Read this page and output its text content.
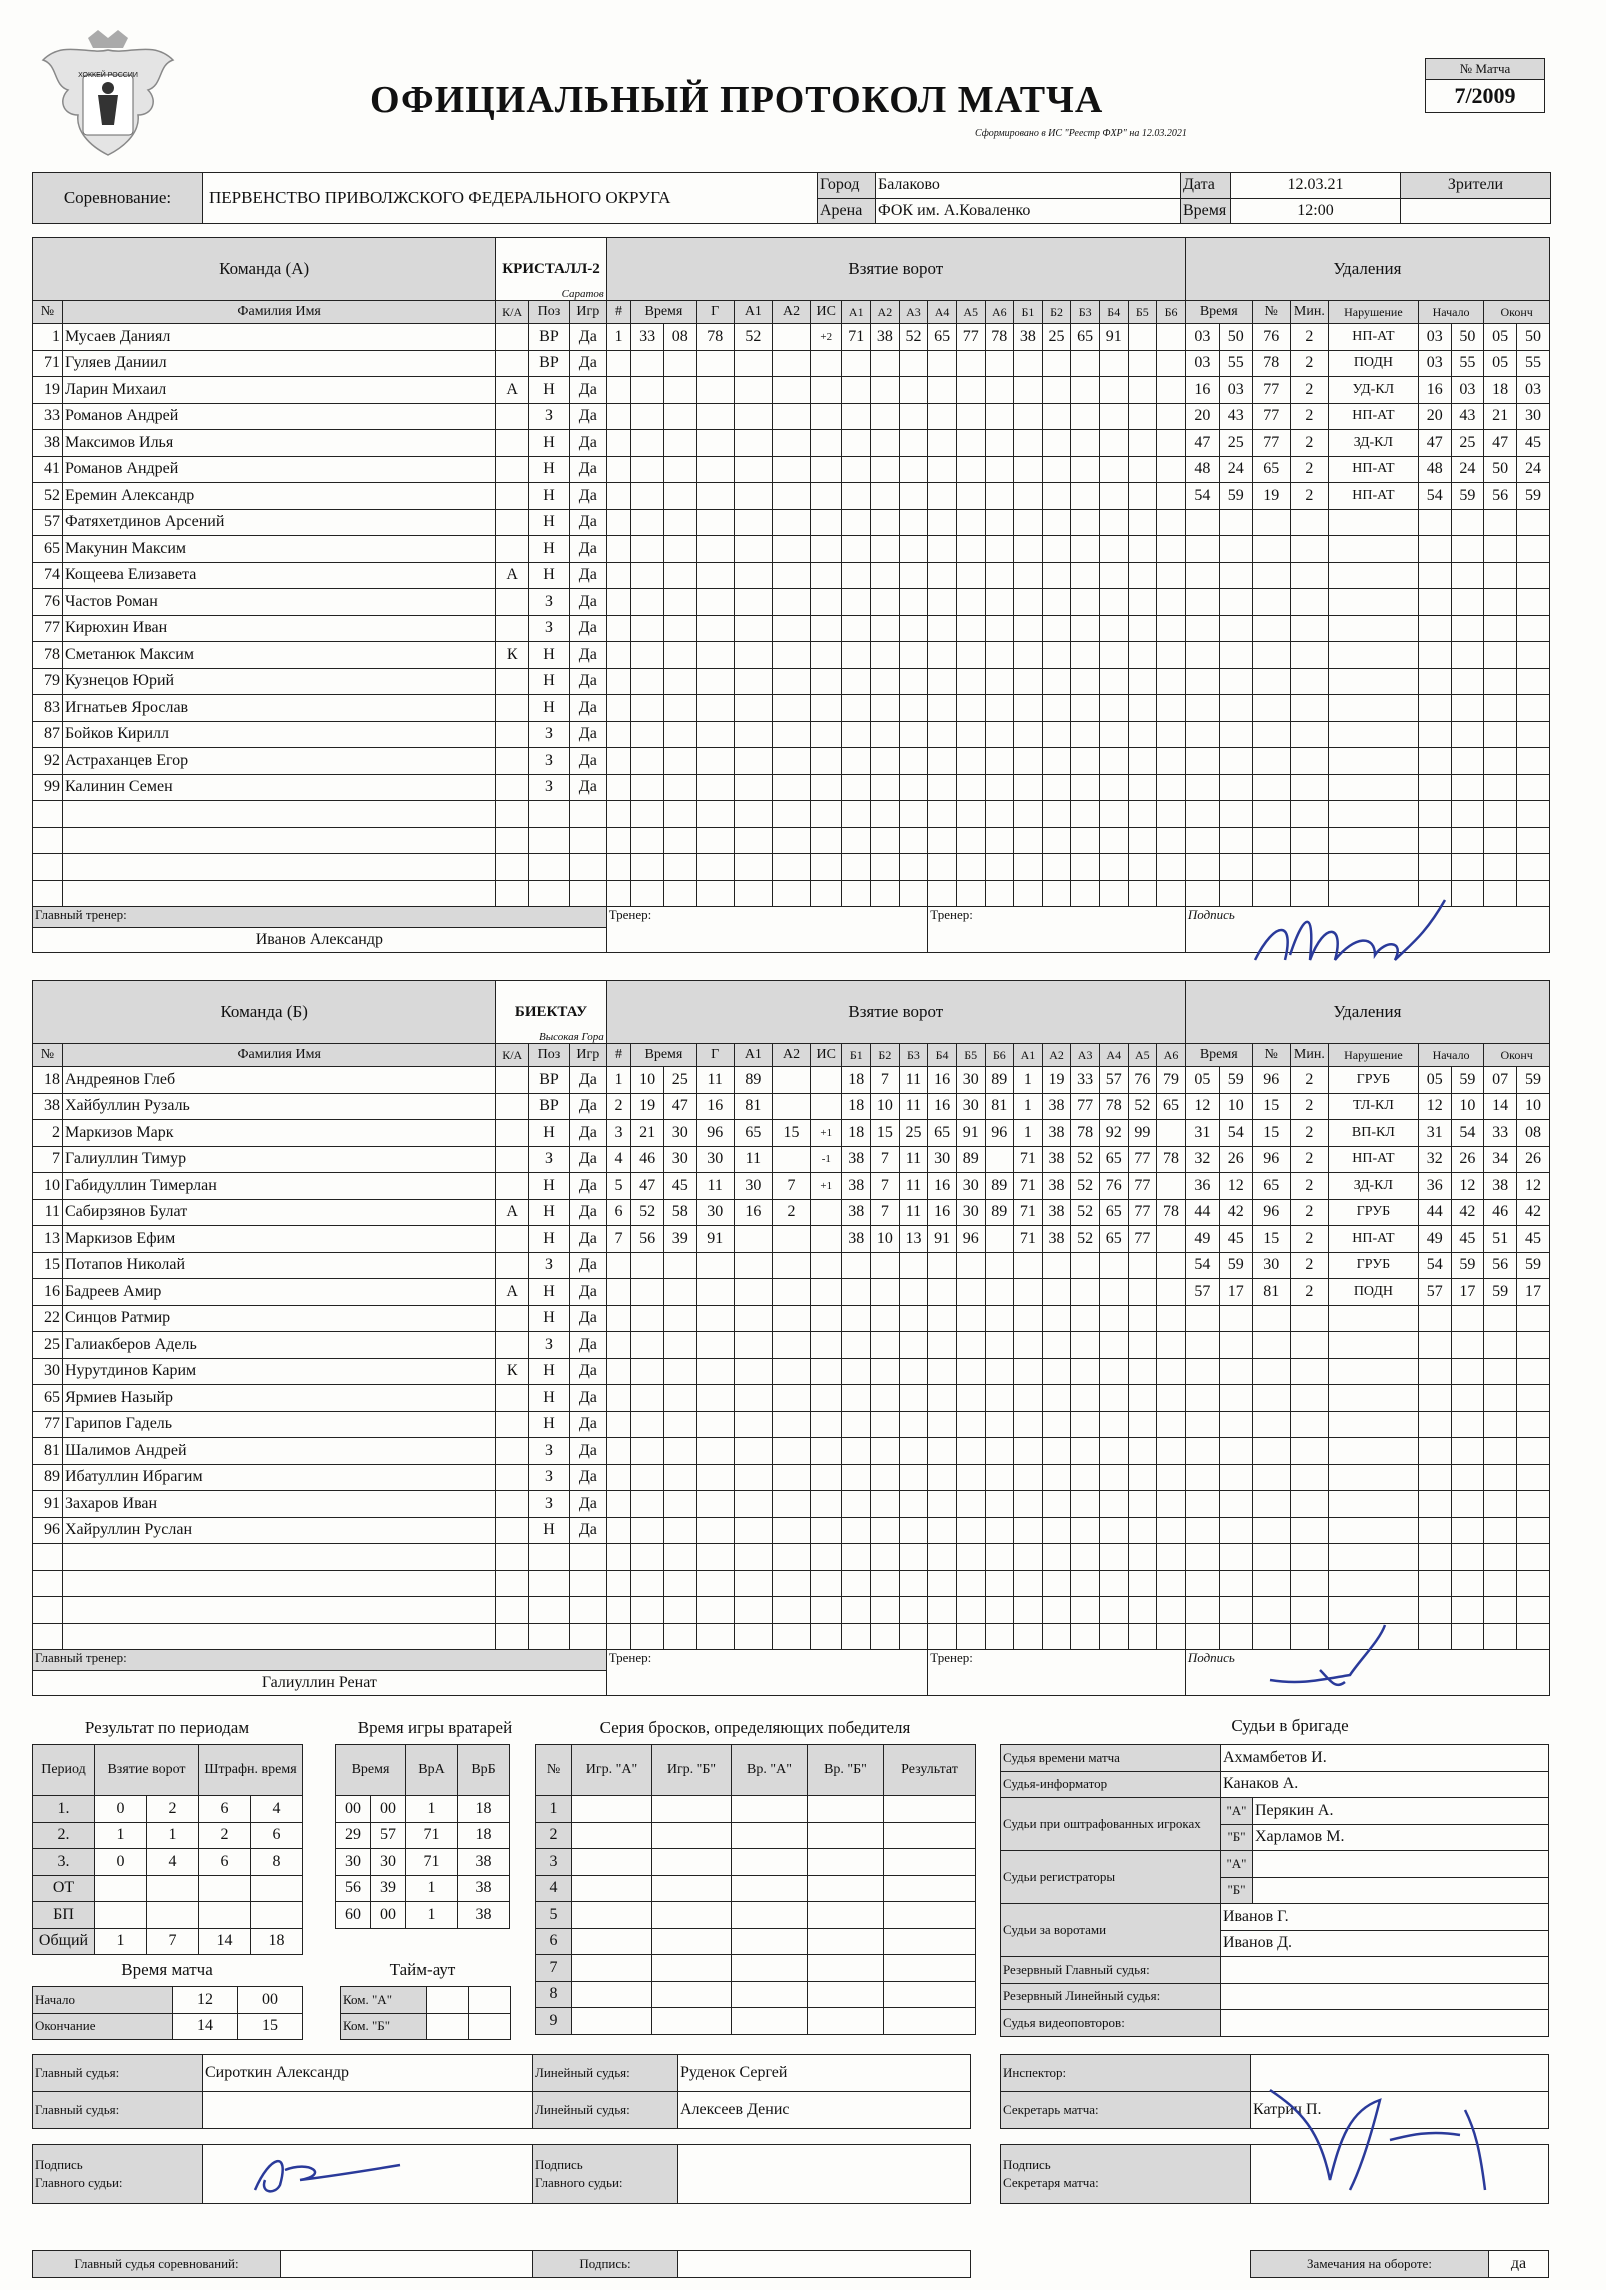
ХОККЕЙ РОССИИ
ОФИЦИАЛЬНЫЙ ПРОТОКОЛ МАТЧА
Сформировано в ИС "Реестр ФХР" на 12.03.2021
№ Матча
7/2009
Соревнование:	ПЕРВЕНСТВО ПРИВОЛЖСКОГО ФЕДЕРАЛЬНОГО ОКРУГА	Город	Балаково	Дата	12.03.21	Зрители
		Арена	ФОК им. А.Коваленко	Время	12:00	
Команда (А)		КРИСТАЛЛ-2
Саратов			Взятие ворот																			Удаления								
№	Фамилия Имя	К/А	Поз	Игр	#	Время		Г	А1	А2	ИС	А1	А2	А3	А4	А5	А6	Б1	Б2	Б3	Б4	Б5	Б6	Время		№	Мин.	Нарушение	Начало		Оконч	
1	Мусаев Даниял		ВР	Да	1	33	08	78	52		+2	71	38	52	65	77	78	38	25	65	91			03	50	76	2	НП-АТ	03	50	05	50
71	Гуляев Даниил		ВР	Да																				03	55	78	2	ПОДН	03	55	05	55
19	Ларин Михаил	А	Н	Да																				16	03	77	2	УД-КЛ	16	03	18	03
33	Романов Андрей		З	Да																				20	43	77	2	НП-АТ	20	43	21	30
38	Максимов Илья		Н	Да																				47	25	77	2	ЗД-КЛ	47	25	47	45
41	Романов Андрей		Н	Да																				48	24	65	2	НП-АТ	48	24	50	24
52	Еремин Александр		Н	Да																				54	59	19	2	НП-АТ	54	59	56	59
57	Фатяхетдинов Арсений		Н	Да																												
65	Макунин Максим		Н	Да																												
74	Кощеева Елизавета	А	Н	Да																												
76	Частов Роман		З	Да																												
77	Кирюхин Иван		З	Да																												
78	Сметанюк Максим	К	Н	Да																												
79	Кузнецов Юрий		Н	Да																												
83	Игнатьев Ярослав		Н	Да																												
87	Бойков Кирилл		З	Да																												
92	Астраханцев Егор		З	Да																												
99	Калинин Семен		З	Да																												

Главный тренер:					Тренер:										Тренер:									Подпись								
Иванов Александр																																
Команда (Б)		БИЕКТАУ
Высокая Гора			Взятие ворот																			Удаления								
№	Фамилия Имя	К/А	Поз	Игр	#	Время		Г	А1	А2	ИС	Б1	Б2	Б3	Б4	Б5	Б6	А1	А2	А3	А4	А5	А6	Время		№	Мин.	Нарушение	Начало		Оконч	
18	Андреянов Глеб		ВР	Да	1	10	25	11	89			18	7	11	16	30	89	1	19	33	57	76	79	05	59	96	2	ГРУБ	05	59	07	59
38	Хайбуллин Рузаль		ВР	Да	2	19	47	16	81			18	10	11	16	30	81	1	38	77	78	52	65	12	10	15	2	ТЛ-КЛ	12	10	14	10
2	Маркизов Марк		Н	Да	3	21	30	96	65	15	+1	18	15	25	65	91	96	1	38	78	92	99		31	54	15	2	ВП-КЛ	31	54	33	08
7	Галиуллин Тимур		З	Да	4	46	30	30	11		-1	38	7	11	30	89		71	38	52	65	77	78	32	26	96	2	НП-АТ	32	26	34	26
10	Габидуллин Тимерлан		Н	Да	5	47	45	11	30	7	+1	38	7	11	16	30	89	71	38	52	76	77		36	12	65	2	ЗД-КЛ	36	12	38	12
11	Сабирзянов Булат	А	Н	Да	6	52	58	30	16	2		38	7	11	16	30	89	71	38	52	65	77	78	44	42	96	2	ГРУБ	44	42	46	42
13	Маркизов Ефим		Н	Да	7	56	39	91				38	10	13	91	96		71	38	52	65	77		49	45	15	2	НП-АТ	49	45	51	45
15	Потапов Николай		З	Да																				54	59	30	2	ГРУБ	54	59	56	59
16	Бадреев Амир	А	Н	Да																				57	17	81	2	ПОДН	57	17	59	17
22	Синцов Ратмир		Н	Да																												
25	Галиакберов Адель		З	Да																												
30	Нурутдинов Карим	К	Н	Да																												
65	Ярмиев Назыйр		Н	Да																												
77	Гарипов Гадель		Н	Да																												
81	Шалимов Андрей		З	Да																												
89	Ибатуллин Ибрагим		З	Да																												
91	Захаров Иван		З	Да																												
96	Хайруллин Руслан		Н	Да																												

Главный тренер:					Тренер:										Тренер:									Подпись								
Галиуллин Ренат																																
Результат по периодам
Период	Взятие ворот		Штрафн. время	
1.	0	2	6	4
2.	1	1	2	6
3.	0	4	6	8
ОТ				
БП				
Общий	1	7	14	18
Время игры вратарей
Время		ВрА	ВрБ
00	00	1	18
29	57	71	18
30	30	71	38
56	39	1	38
60	00	1	38
Время матча
Начало	12	00
Окончание	14	15
Тайм-аут
Ком. "А"		
Ком. "Б"		
Серия бросков, определяющих победителя
№	Игр. "А"	Игр. "Б"	Вр. "А"	Вр. "Б"	Результат
1					
2					
3					
4					
5					
6					
7					
8					
9					
Судьи в бригаде
Судья времени матча	Ахмамбетов И.	
Судья-информатор	Канаков А.	
Судьи при оштрафованных игроках	"А"	Перякин А.
	"Б"	Харламов М.
Судьи регистраторы	"А"	
	"Б"	
Судьи за воротами	Иванов Г.	
	Иванов Д.	
Резервный Главный судья:		
Резервный Линейный судья:		
Судья видеоповторов:		
Главный судья:	Сироткин Александр	Линейный судья:	Руденок Сергей
Главный судья:		Линейный судья:	Алексеев Денис
Инспектор:	
Секретарь матча:	Катрич П.
Подпись
Главного судьи:		Подпись
Главного судьи:	
Подпись
Секретаря матча:	
Главный судья соревнований:		Подпись:		Замечания на обороте:	да
